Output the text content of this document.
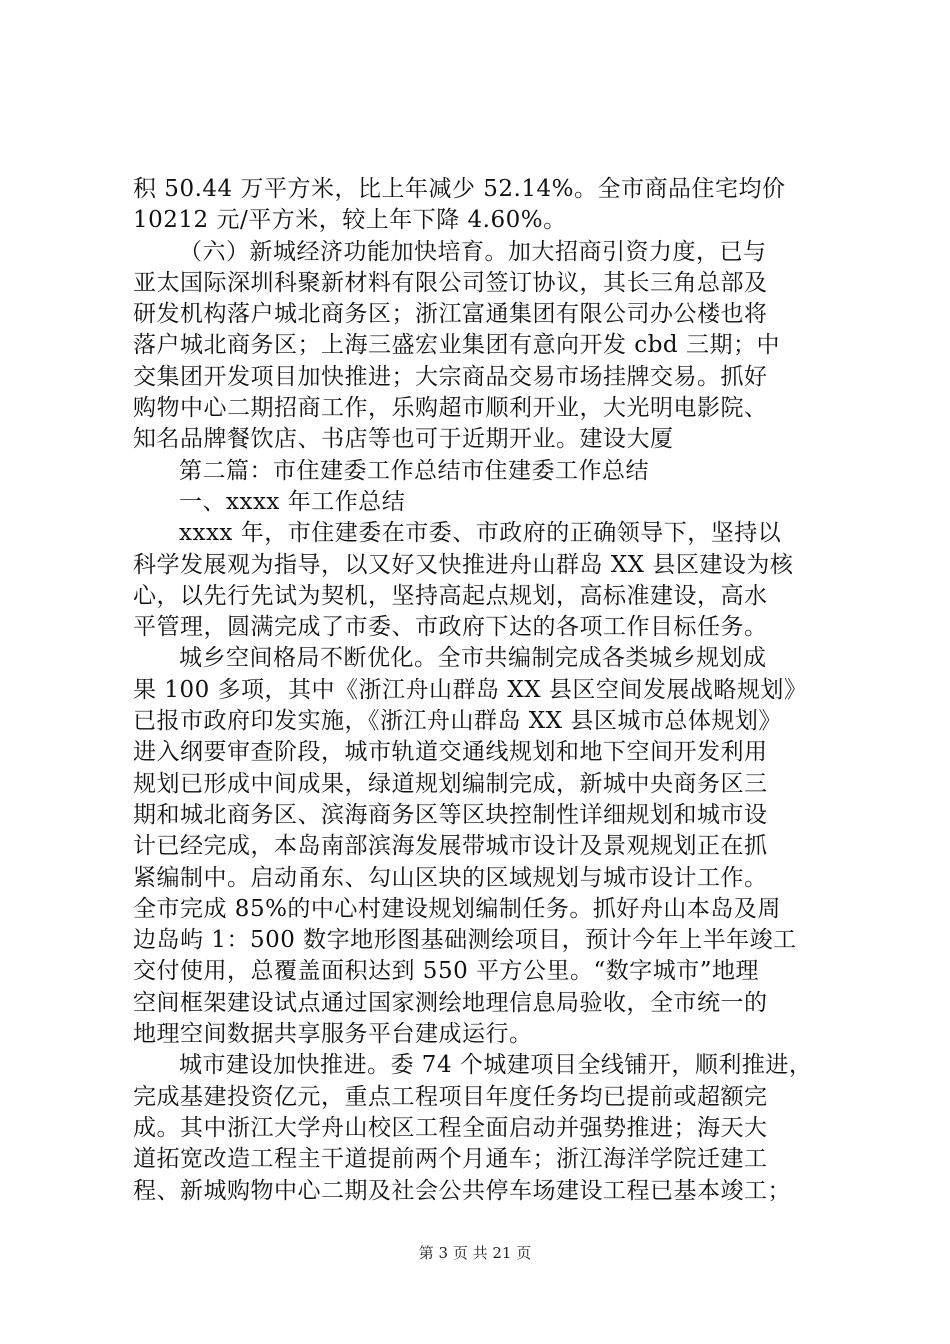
积 50.44 万平方米，比上年减少 52.14%。全市商品住宅均价
10212 元/平方米，较上年下降 4.60%。
（六）新城经济功能加快培育。加大招商引资力度，已与
亚太国际深圳科聚新材料有限公司签订协议，其长三角总部及
研发机构落户城北商务区；浙江富通集团有限公司办公楼也将
落户城北商务区；上海三盛宏业集团有意向开发 cbd 三期；中
交集团开发项目加快推进；大宗商品交易市场挂牌交易。抓好
购物中心二期招商工作，乐购超市顺利开业，大光明电影院、
知名品牌餐饮店、书店等也可于近期开业。建设大厦
第二篇：市住建委工作总结市住建委工作总结
一、xxxx 年工作总结
xxxx 年，市住建委在市委、市政府的正确领导下，坚持以
科学发展观为指导，以又好又快推进舟山群岛 XX 县区建设为核
心，以先行先试为契机，坚持高起点规划，高标准建设，高水
平管理，圆满完成了市委、市政府下达的各项工作目标任务。
城乡空间格局不断优化。全市共编制完成各类城乡规划成
果 100 多项，其中《浙江舟山群岛 XX 县区空间发展战略规划》
已报市政府印发实施，《浙江舟山群岛 XX 县区城市总体规划》
进入纲要审查阶段，城市轨道交通线规划和地下空间开发利用
规划已形成中间成果，绿道规划编制完成，新城中央商务区三
期和城北商务区、滨海商务区等区块控制性详细规划和城市设
计已经完成，本岛南部滨海发展带城市设计及景观规划正在抓
紧编制中。启动甬东、勾山区块的区域规划与城市设计工作。
全市完成 85%的中心村建设规划编制任务。抓好舟山本岛及周
边岛屿 1：500 数字地形图基础测绘项目，预计今年上半年竣工
交付使用，总覆盖面积达到 550 平方公里。“数字城市”地理
空间框架建设试点通过国家测绘地理信息局验收，全市统一的
地理空间数据共享服务平台建成运行。
城市建设加快推进。委 74 个城建项目全线铺开，顺利推进，
完成基建投资亿元，重点工程项目年度任务均已提前或超额完
成。其中浙江大学舟山校区工程全面启动并强势推进；海天大
道拓宽改造工程主干道提前两个月通车；浙江海洋学院迁建工
程、新城购物中心二期及社会公共停车场建设工程已基本竣工；
第 3 页 共 21 页
